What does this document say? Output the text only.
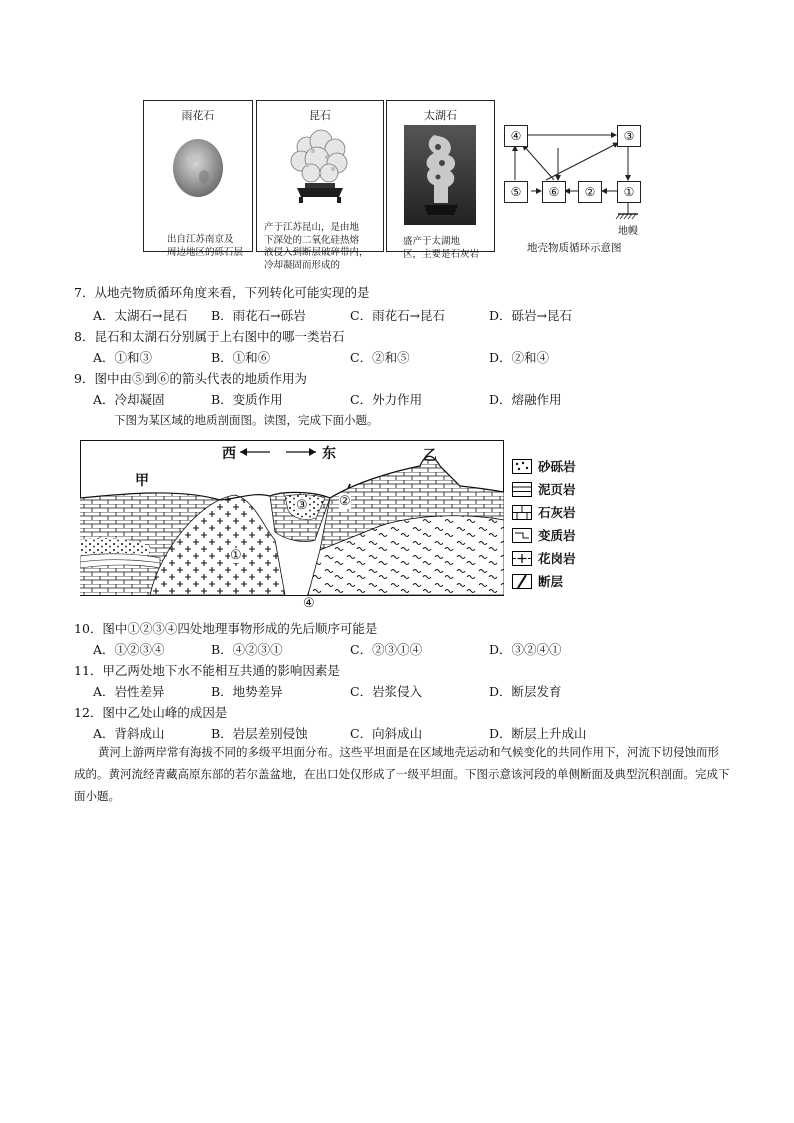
雨花石
出自江苏南京及
周边地区的砾石层
昆石
产于江苏昆山，是由地
下深处的二氧化硅热熔
液侵入到断层破碎带内，
冷却凝固而形成的
太湖石
盛产于太湖地
区，主要是石灰岩
④	③
⑤	⑥	②	①
地幔
地壳物质循环示意图
7．从地壳物质循环角度来看，下列转化可能实现的是
A．太湖石→昆石 B．雨花石→砾岩	C．雨花石→昆石	D．砾岩→昆石
8．昆石和太湖石分别属于上右图中的哪一类岩石
A．①和③	B．①和⑥	C．②和⑤	D．②和④
9．图中由⑤到⑥的箭头代表的地质作用为
A．冷却凝固	B．变质作用	C．外力作用	D．熔融作用
下图为某区域的地质剖面图。读图，完成下面小题。
西	东
甲
乙
①
②
③
④
砂砾岩
泥页岩
石灰岩
变质岩
花岗岩
断层
10．图中①②③④四处地理事物形成的先后顺序可能是
A．①②③④	B．④②③①	C．②③①④	D．③②④①
11．甲乙两处地下水不能相互共通的影响因素是
A．岩性差异	B．地势差异	C．岩浆侵入	D．断层发育
12．图中乙处山峰的成因是
A．背斜成山	B．岩层差别侵蚀	C．向斜成山	D．断层上升成山
黄河上游两岸常有海拔不同的多级平坦面分布。这些平坦面是在区域地壳运动和气候变化的共同作用下，河流下切侵蚀而形成的。黄河流经青藏高原东部的若尔盖盆地，在出口处仅形成了一级平坦面。下图示意该河段的单侧断面及典型沉积剖面。完成下面小题。
